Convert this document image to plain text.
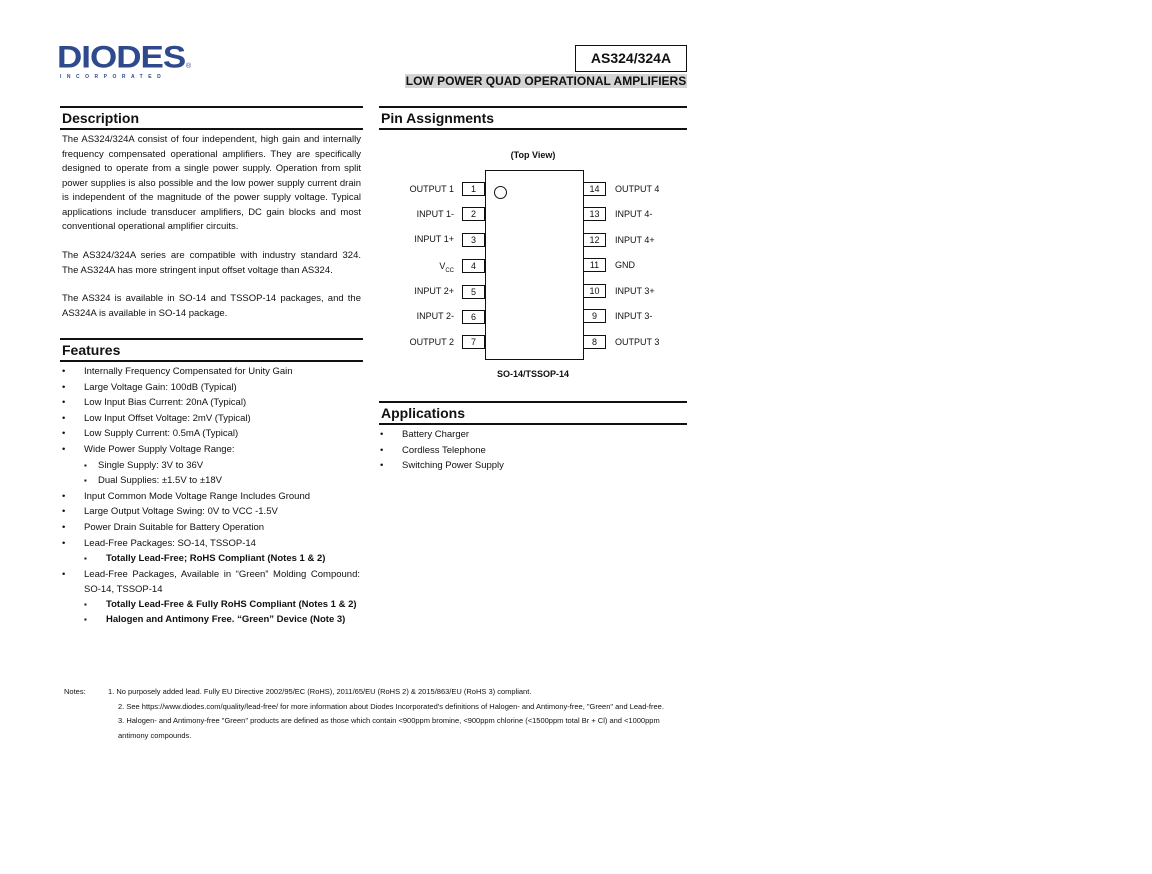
DIODES
INCORPORATED
®
AS324/324A
LOW POWER QUAD OPERATIONAL AMPLIFIERS
Description
The AS324/324A consist of four independent, high gain and internally frequency compensated operational amplifiers. They are specifically designed to operate from a single power supply. Operation from split power supplies is also possible and the low power supply current drain is independent of the magnitude of the power supply voltage. Typical applications include transducer amplifiers, DC gain blocks and most conventional operational amplifier circuits.
The AS324/324A series are compatible with industry standard 324. The AS324A has more stringent input offset voltage than AS324.
The AS324 is available in SO-14 and TSSOP-14 packages, and the AS324A is available in SO-14 package.
Features
• Internally Frequency Compensated for Unity Gain
• Large Voltage Gain: 100dB (Typical)
• Low Input Bias Current: 20nA (Typical)
• Low Input Offset Voltage: 2mV (Typical)
• Low Supply Current: 0.5mA (Typical)
• Wide Power Supply Voltage Range:
▪ Single Supply: 3V to 36V
▪ Dual Supplies: ±1.5V to ±18V
• Input Common Mode Voltage Range Includes Ground
• Large Output Voltage Swing: 0V to VCC -1.5V
• Power Drain Suitable for Battery Operation
• Lead-Free Packages: SO-14, TSSOP-14
▪ Totally Lead-Free; RoHS Compliant (Notes 1 & 2)
• Lead-Free Packages, Available in “Green” Molding Compound: SO-14, TSSOP-14
▪ Totally Lead-Free & Fully RoHS Compliant (Notes 1 & 2)
▪ Halogen and Antimony Free. “Green” Device (Note 3)
Pin Assignments
(Top View)
OUTPUT 1	1
INPUT 1-	2
INPUT 1+	3
$V_{CC}$	4
INPUT 2+	5
INPUT 2-	6
OUTPUT 2	7
14	OUTPUT 4
13	INPUT 4-
12	INPUT 4+
11	GND
10	INPUT 3+
9	INPUT 3-
8	OUTPUT 3
SO-14/TSSOP-14
Applications
• Battery Charger
• Cordless Telephone
• Switching Power Supply
Notes:	1. No purposely added lead. Fully EU Directive 2002/95/EC (RoHS), 2011/65/EU (RoHS 2) & 2015/863/EU (RoHS 3) compliant.
2. See https://www.diodes.com/quality/lead-free/ for more information about Diodes Incorporated’s definitions of Halogen- and Antimony-free, "Green" and Lead-free.
3. Halogen- and Antimony-free "Green" products are defined as those which contain <900ppm bromine, <900ppm chlorine (<1500ppm total Br + Cl) and <1000ppm antimony compounds.
